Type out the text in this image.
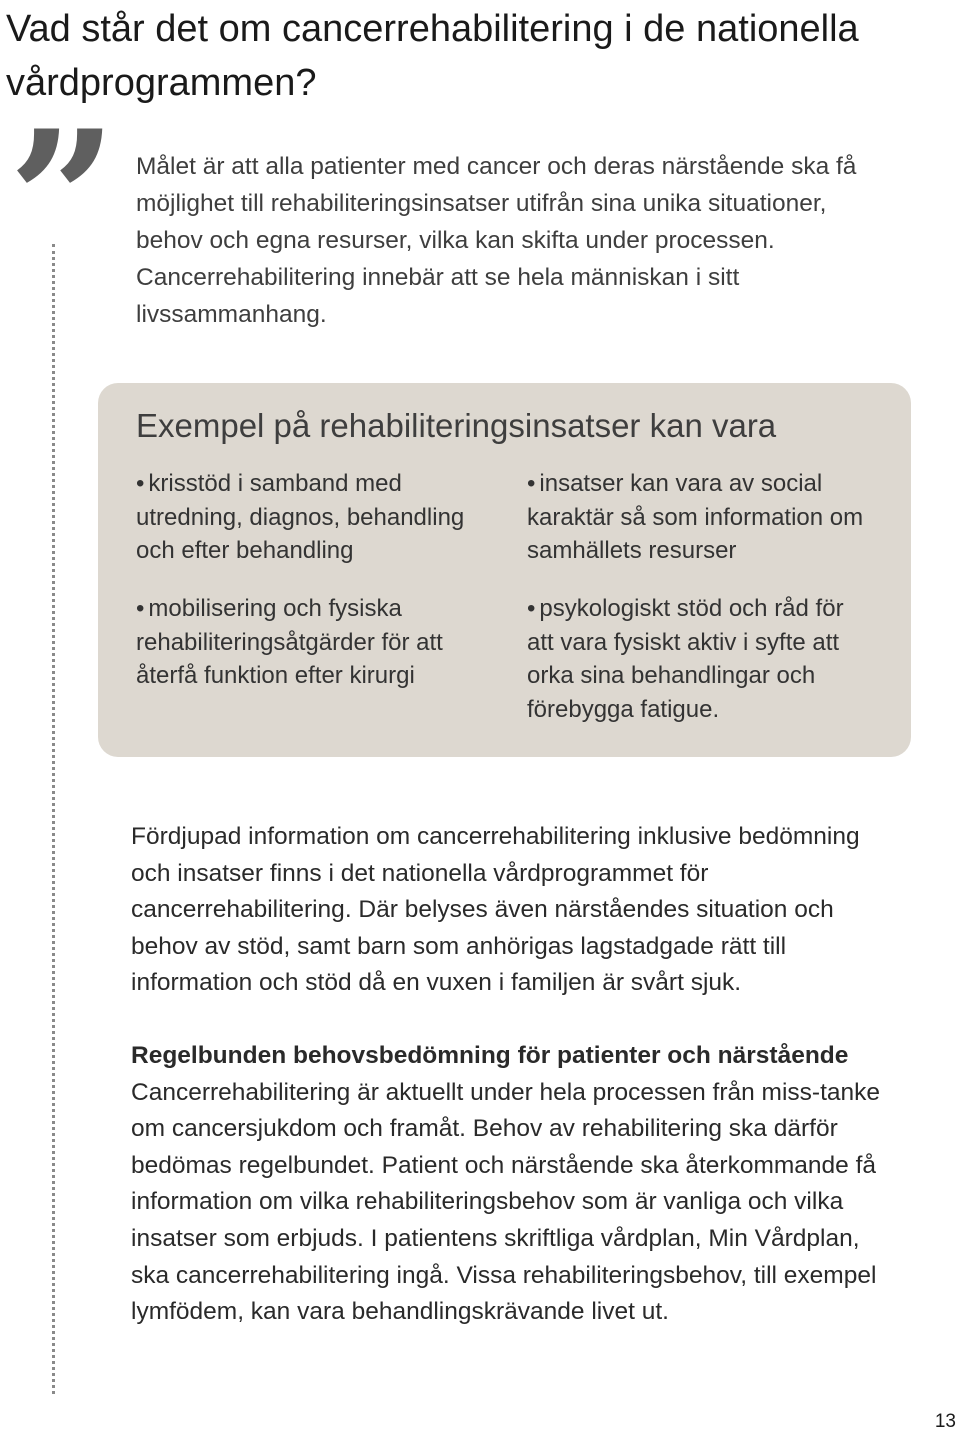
Vad står det om cancerrehabilitering i de nationella vårdprogrammen?
” Målet är att alla patienter med cancer och deras närstående ska få möjlighet till rehabiliteringsinsatser utifrån sina unika situationer, behov och egna resurser, vilka kan skifta under processen. Cancerrehabilitering innebär att se hela människan i sitt livssammanhang.

Exempel på rehabiliteringsinsatser kan vara

• krisstöd i samband med utredning, diagnos, behandling och efter behandling

• mobilisering och fysiska rehabiliteringsåtgärder för att återfå funktion efter kirurgi

• insatser kan vara av social karaktär så som information om samhällets resurser

• psykologiskt stöd och råd för att vara fysiskt aktiv i syfte att orka sina behandlingar och förebygga fatigue.

Fördjupad information om cancerrehabilitering inklusive bedömning och insatser finns i det nationella vårdprogrammet för cancerrehabilitering. Där belyses även närståendes situation och behov av stöd, samt barn som anhörigas lagstadgade rätt till information och stöd då en vuxen i familjen är svårt sjuk.

Regelbunden behovsbedömning för patienter och närstående
Cancerrehabilitering är aktuellt under hela processen från miss-tanke om cancersjukdom och framåt. Behov av rehabilitering ska därför bedömas regelbundet. Patient och närstående ska återkommande få information om vilka rehabiliteringsbehov som är vanliga och vilka insatser som erbjuds. I patientens skriftliga vårdplan, Min Vårdplan, ska cancerrehabilitering ingå. Vissa rehabiliteringsbehov, till exempel lymfödem, kan vara behandlingskrävande livet ut.
13
